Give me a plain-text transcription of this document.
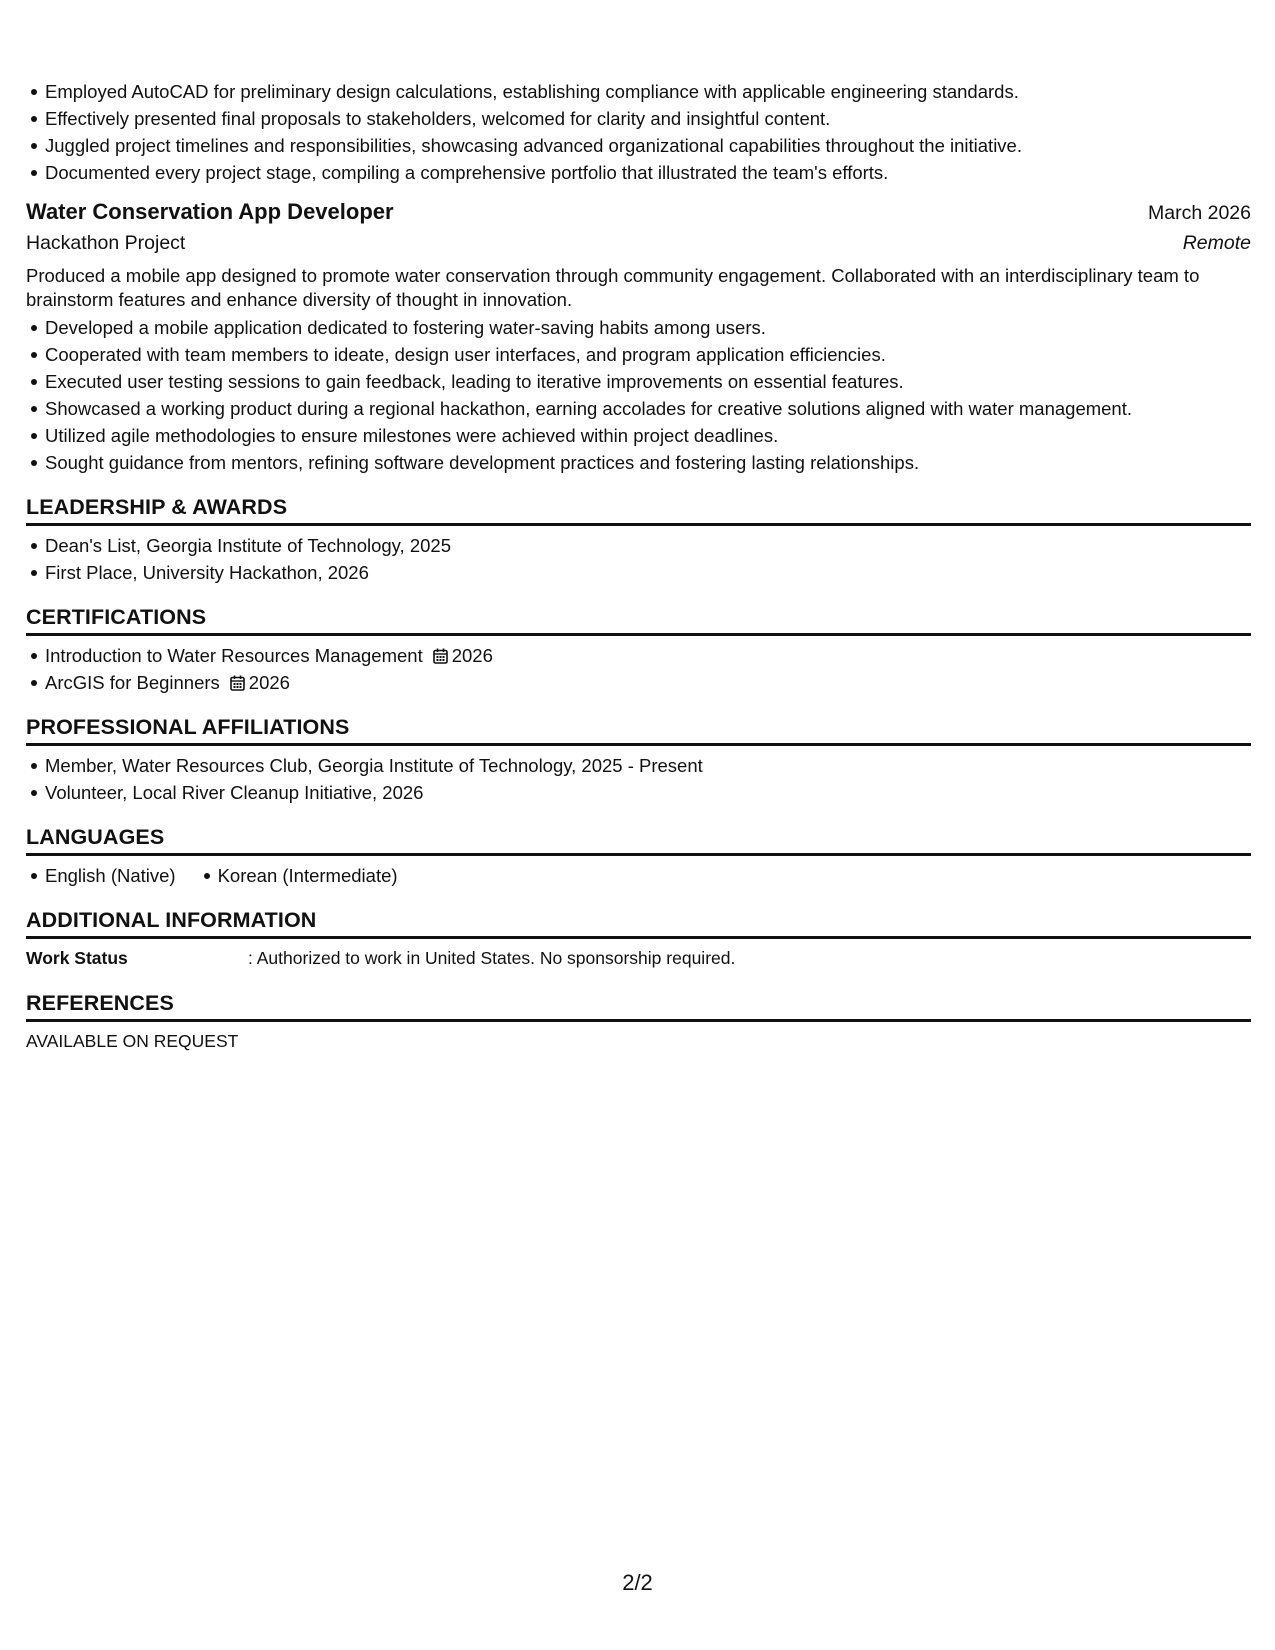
Employed AutoCAD for preliminary design calculations, establishing compliance with applicable engineering standards.
Effectively presented final proposals to stakeholders, welcomed for clarity and insightful content.
Juggled project timelines and responsibilities, showcasing advanced organizational capabilities throughout the initiative.
Documented every project stage, compiling a comprehensive portfolio that illustrated the team's efforts.
Water Conservation App Developer	March 2026
Hackathon Project	Remote
Produced a mobile app designed to promote water conservation through community engagement. Collaborated with an interdisciplinary team to brainstorm features and enhance diversity of thought in innovation.
Developed a mobile application dedicated to fostering water-saving habits among users.
Cooperated with team members to ideate, design user interfaces, and program application efficiencies.
Executed user testing sessions to gain feedback, leading to iterative improvements on essential features.
Showcased a working product during a regional hackathon, earning accolades for creative solutions aligned with water management.
Utilized agile methodologies to ensure milestones were achieved within project deadlines.
Sought guidance from mentors, refining software development practices and fostering lasting relationships.
LEADERSHIP & AWARDS
Dean's List, Georgia Institute of Technology, 2025
First Place, University Hackathon, 2026
CERTIFICATIONS
Introduction to Water Resources Management 2026
ArcGIS for Beginners 2026
PROFESSIONAL AFFILIATIONS
Member, Water Resources Club, Georgia Institute of Technology, 2025 - Present
Volunteer, Local River Cleanup Initiative, 2026
LANGUAGES
English (Native) Korean (Intermediate)
ADDITIONAL INFORMATION
Work Status	: Authorized to work in United States. No sponsorship required.
REFERENCES
AVAILABLE ON REQUEST
2/2
